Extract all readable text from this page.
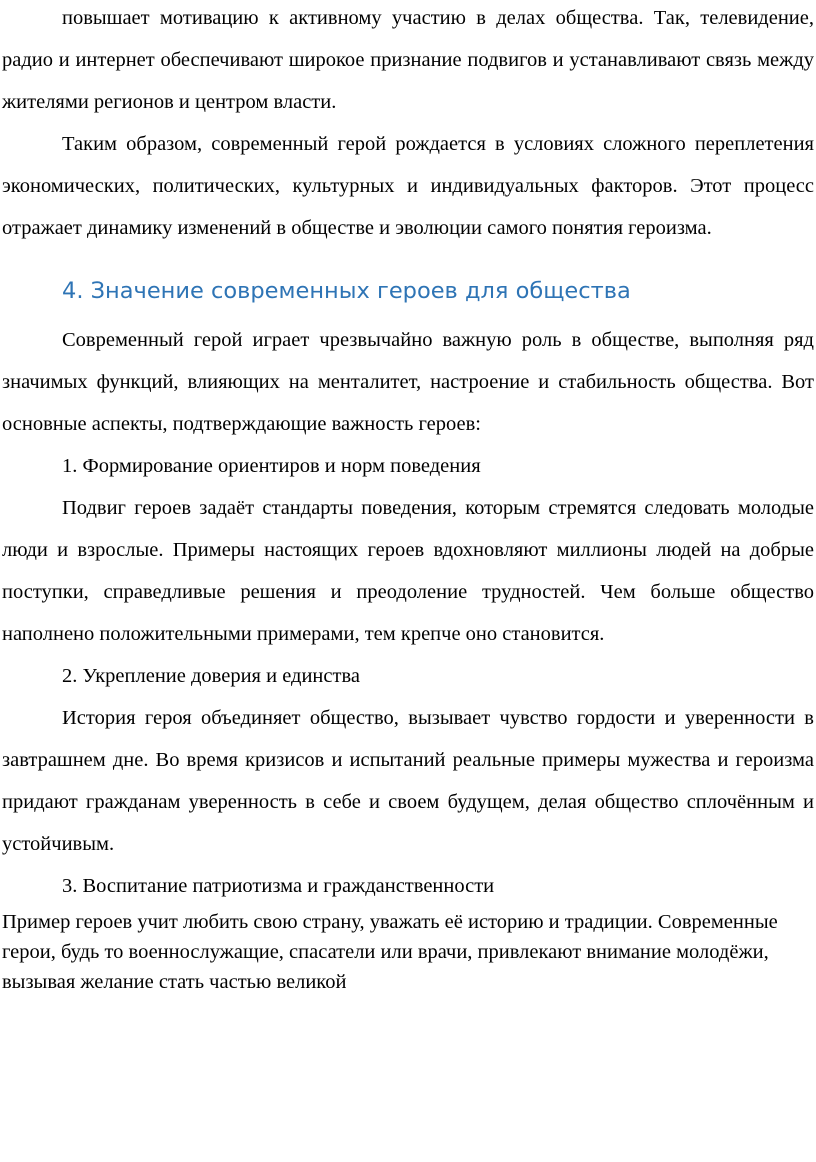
повышает мотивацию к активному участию в делах общества. Так, телевидение, радио и интернет обеспечивают широкое признание подвигов и устанавливают связь между жителями регионов и центром власти.

Таким образом, современный герой рождается в условиях сложного переплетения экономических, политических, культурных и индивидуальных факторов. Этот процесс отражает динамику изменений в обществе и эволюции самого понятия героизма.

4. Значение современных героев для общества

Современный герой играет чрезвычайно важную роль в обществе, выполняя ряд значимых функций, влияющих на менталитет, настроение и стабильность общества. Вот основные аспекты, подтверждающие важность героев:

1. Формирование ориентиров и норм поведения

Подвиг героев задаёт стандарты поведения, которым стремятся следовать молодые люди и взрослые. Примеры настоящих героев вдохновляют миллионы людей на добрые поступки, справедливые решения и преодоление трудностей. Чем больше общество наполнено положительными примерами, тем крепче оно становится.

2. Укрепление доверия и единства

История героя объединяет общество, вызывает чувство гордости и уверенности в завтрашнем дне. Во время кризисов и испытаний реальные примеры мужества и героизма придают гражданам уверенность в себе и своем будущем, делая общество сплочённым и устойчивым.

3. Воспитание патриотизма и гражданственности

Пример героев учит любить свою страну, уважать её историю и традиции. Современные герои, будь то военнослужащие, спасатели или врачи, привлекают внимание молодёжи, вызывая желание стать частью великой
